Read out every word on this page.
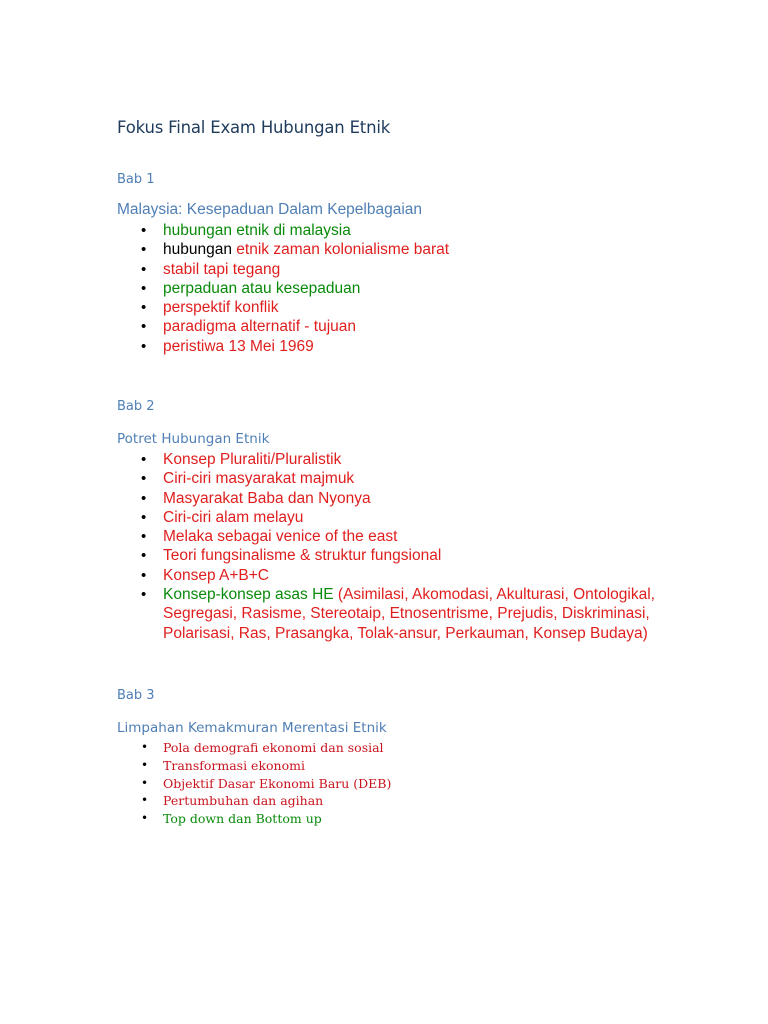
Fokus Final Exam Hubungan Etnik
Bab 1
Malaysia: Kesepaduan Dalam Kepelbagaian
• hubungan etnik di malaysia
• hubungan etnik zaman kolonialisme barat
• stabil tapi tegang
• perpaduan atau kesepaduan
• perspektif konflik
• paradigma alternatif - tujuan
• peristiwa 13 Mei 1969
Bab 2
Potret Hubungan Etnik
• Konsep Pluraliti/Pluralistik
• Ciri-ciri masyarakat majmuk
• Masyarakat Baba dan Nyonya
• Ciri-ciri alam melayu
• Melaka sebagai venice of the east
• Teori fungsinalisme & struktur fungsional
• Konsep A+B+C
• Konsep-konsep asas HE (Asimilasi, Akomodasi, Akulturasi, Ontologikal, Segregasi, Rasisme, Stereotaip, Etnosentrisme, Prejudis, Diskriminasi, Polarisasi, Ras, Prasangka, Tolak-ansur, Perkauman, Konsep Budaya)
Bab 3
Limpahan Kemakmuran Merentasi Etnik
• Pola demografi ekonomi dan sosial
• Transformasi ekonomi
• Objektif Dasar Ekonomi Baru (DEB)
• Pertumbuhan dan agihan
• Top down dan Bottom up
